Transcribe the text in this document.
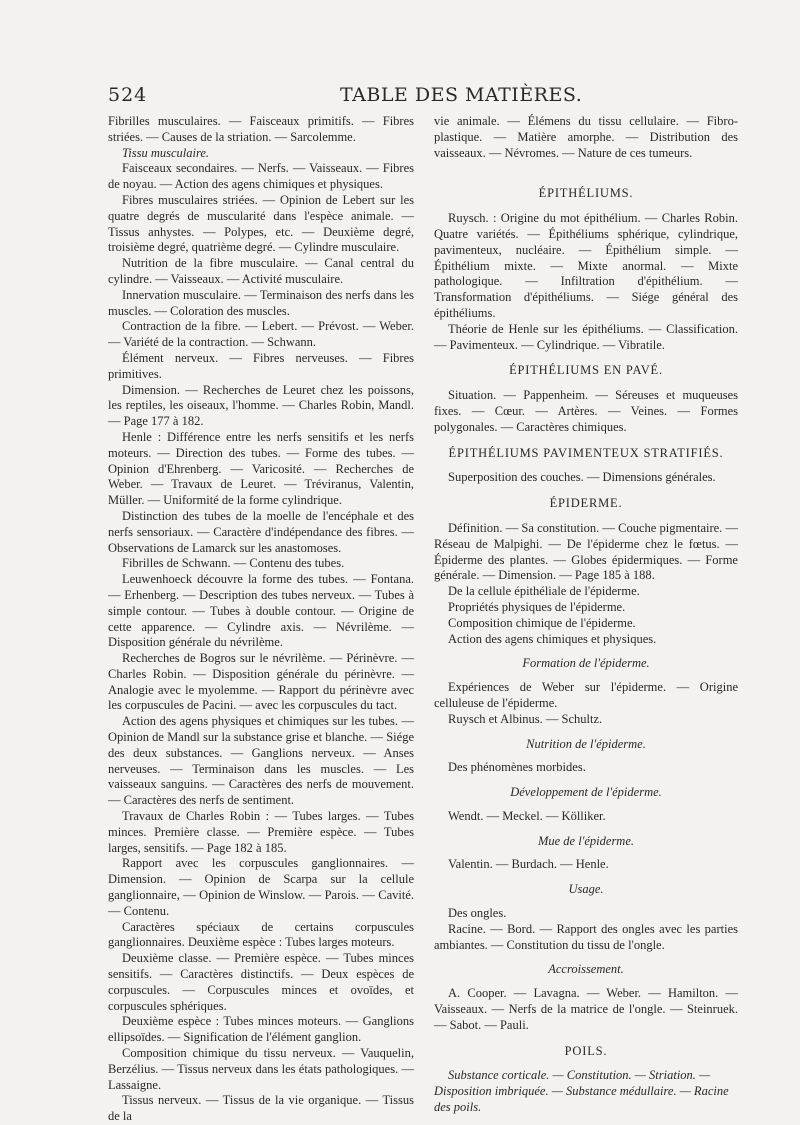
524	TABLE DES MATIÈRES.

Fibrilles musculaires. — Faisceaux primitifs. — Fibres striées. — Causes de la striation. — Sarcolemme.

Tissu musculaire.

Faisceaux secondaires. — Nerfs. — Vaisseaux. — Fibres de noyau. — Action des agens chimiques et physiques.

Fibres musculaires striées. — Opinion de Lebert sur les quatre degrés de muscularité dans l'espèce animale. — Tissus anhystes. — Polypes, etc. — Deuxième degré, troisième degré, quatrième degré. — Cylindre musculaire.

Nutrition de la fibre musculaire. — Canal central du cylindre. — Vaisseaux. — Activité musculaire.

Innervation musculaire. — Terminaison des nerfs dans les muscles. — Coloration des muscles.

Contraction de la fibre. — Lebert. — Prévost. — Weber. — Variété de la contraction. — Schwann.

Élément nerveux. — Fibres nerveuses. — Fibres primitives.

Dimension. — Recherches de Leuret chez les poissons, les reptiles, les oiseaux, l'homme. — Charles Robin, Mandl. — Page 177 à 182.

Henle : Différence entre les nerfs sensitifs et les nerfs moteurs. — Direction des tubes. — Forme des tubes. — Opinion d'Ehrenberg. — Varicosité. — Recherches de Weber. — Travaux de Leuret. — Tréviranus, Valentin, Müller. — Uniformité de la forme cylindrique.

Distinction des tubes de la moelle de l'encéphale et des nerfs sensoriaux. — Caractère d'indépendance des fibres. — Observations de Lamarck sur les anastomoses.

Fibrilles de Schwann. — Contenu des tubes.

Leuwenhoeck découvre la forme des tubes. — Fontana. — Erhenberg. — Description des tubes nerveux. — Tubes à simple contour. — Tubes à double contour. — Origine de cette apparence. — Cylindre axis. — Névrilème. — Disposition générale du névrilème.

Recherches de Bogros sur le névrilème. — Périnèvre. — Charles Robin. — Disposition générale du périnèvre. — Analogie avec le myolemme. — Rapport du périnèvre avec les corpuscules de Pacini. — avec les corpuscules du tact.

Action des agens physiques et chimiques sur les tubes. — Opinion de Mandl sur la substance grise et blanche. — Siége des deux substances. — Ganglions nerveux. — Anses nerveuses. — Terminaison dans les muscles. — Les vaisseaux sanguins. — Caractères des nerfs de mouvement. — Caractères des nerfs de sentiment.

Travaux de Charles Robin : — Tubes larges. — Tubes minces. Première classe. — Première espèce. — Tubes larges, sensitifs. — Page 182 à 185.

Rapport avec les corpuscules ganglionnaires. — Dimension. — Opinion de Scarpa sur la cellule ganglionnaire, — Opinion de Winslow. — Parois. — Cavité. — Contenu.

Caractères spéciaux de certains corpuscules ganglionnaires. Deuxième espèce : Tubes larges moteurs.

Deuxième classe. — Première espèce. — Tubes minces sensitifs. — Caractères distinctifs. — Deux espèces de corpuscules. — Corpuscules minces et ovoïdes, et corpuscules sphériques.

Deuxième espèce : Tubes minces moteurs. — Ganglions ellipsoïdes. — Signification de l'élément ganglion.

Composition chimique du tissu nerveux. — Vauquelin, Berzélius. — Tissus nerveux dans les états pathologiques. — Lassaigne.

Tissus nerveux. — Tissus de la vie organique. — Tissus de la

vie animale. — Élémens du tissu cellulaire. — Fibro-plastique. — Matière amorphe. — Distribution des vaisseaux. — Névromes. — Nature de ces tumeurs.

ÉPITHÉLIUMS.

Ruysch. : Origine du mot épithélium. — Charles Robin. Quatre variétés. — Épithéliums sphérique, cylindrique, pavimenteux, nucléaire. — Épithélium simple. — Épithélium mixte. — Mixte anormal. — Mixte pathologique. — Infiltration d'épithélium. — Transformation d'épithéliums. — Siége général des épithéliums.

Théorie de Henle sur les épithéliums. — Classification. — Pavimenteux. — Cylindrique. — Vibratile.

ÉPITHÉLIUMS EN PAVÉ.

Situation. — Pappenheim. — Séreuses et muqueuses fixes. — Cœur. — Artères. — Veines. — Formes polygonales. — Caractères chimiques.

ÉPITHÉLIUMS PAVIMENTEUX STRATIFIÉS.

Superposition des couches. — Dimensions générales.

ÉPIDERME.

Définition. — Sa constitution. — Couche pigmentaire. — Réseau de Malpighi. — De l'épiderme chez le fœtus. — Épiderme des plantes. — Globes épidermiques. — Forme générale. — Dimension. — Page 185 à 188.

De la cellule épithéliale de l'épiderme.

Propriétés physiques de l'épiderme.

Composition chimique de l'épiderme.

Action des agens chimiques et physiques.

Formation de l'épiderme.

Expériences de Weber sur l'épiderme. — Origine celluleuse de l'épiderme.

Ruysch et Albinus. — Schultz.

Nutrition de l'épiderme.

Des phénomènes morbides.

Développement de l'épiderme.

Wendt. — Meckel. — Kölliker.

Mue de l'épiderme.

Valentin. — Burdach. — Henle.

Usage.

Des ongles.

Racine. — Bord. — Rapport des ongles avec les parties ambiantes. — Constitution du tissu de l'ongle.

Accroissement.

A. Cooper. — Lavagna. — Weber. — Hamilton. — Vaisseaux. — Nerfs de la matrice de l'ongle. — Steinruek. — Sabot. — Pauli.

POILS.

Substance corticale. — Constitution. — Striation. — Disposition imbriquée. — Substance médullaire. — Racine des poils.
